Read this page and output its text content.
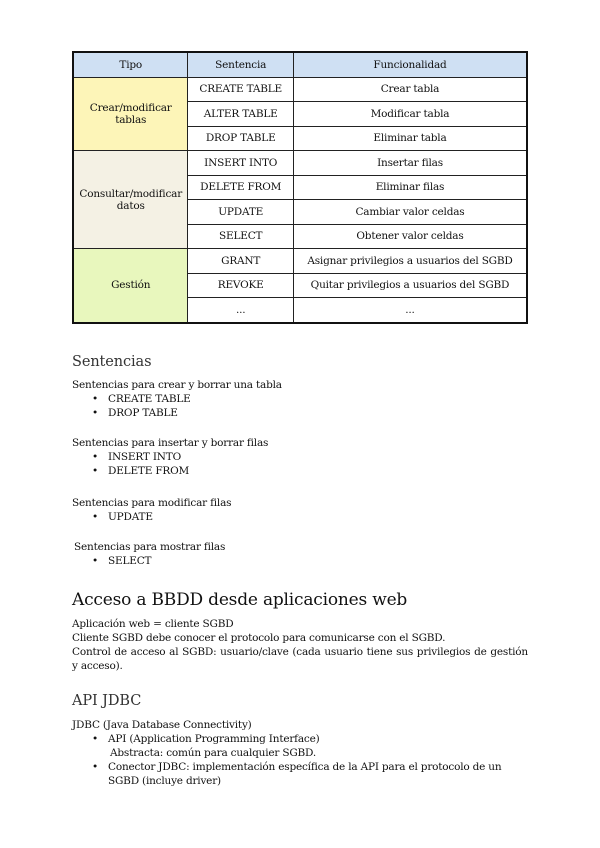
Tipo	Sentencia	Funcionalidad
Crear/modificar tablas	CREATE TABLE	Crear tabla
	ALTER TABLE	Modificar tabla
	DROP TABLE	Eliminar tabla
Consultar/modificar datos	INSERT INTO	Insertar filas
	DELETE FROM	Eliminar filas
	UPDATE	Cambiar valor celdas
	SELECT	Obtener valor celdas
Gestión	GRANT	Asignar privilegios a usuarios del SGBD
	REVOKE	Quitar privilegios a usuarios del SGBD
	...	...
Sentencias

Sentencias para crear y borrar una tabla

• CREATE TABLE
• DROP TABLE

Sentencias para insertar y borrar filas

• INSERT INTO
• DELETE FROM

Sentencias para modificar filas

• UPDATE

Sentencias para mostrar filas

• SELECT
Acceso a BBDD desde aplicaciones web

Aplicación web = cliente SGBD

Cliente SGBD debe conocer el protocolo para comunicarse con el SGBD.

Control de acceso al SGBD: usuario/clave (cada usuario tiene sus privilegios de gestión y acceso).

API JDBC

JDBC (Java Database Connectivity)

• API (Application Programming Interface)
Abstracta: común para cualquier SGBD.
• Conector JDBC: implementación específica de la API para el protocolo de un SGBD (incluye driver)
